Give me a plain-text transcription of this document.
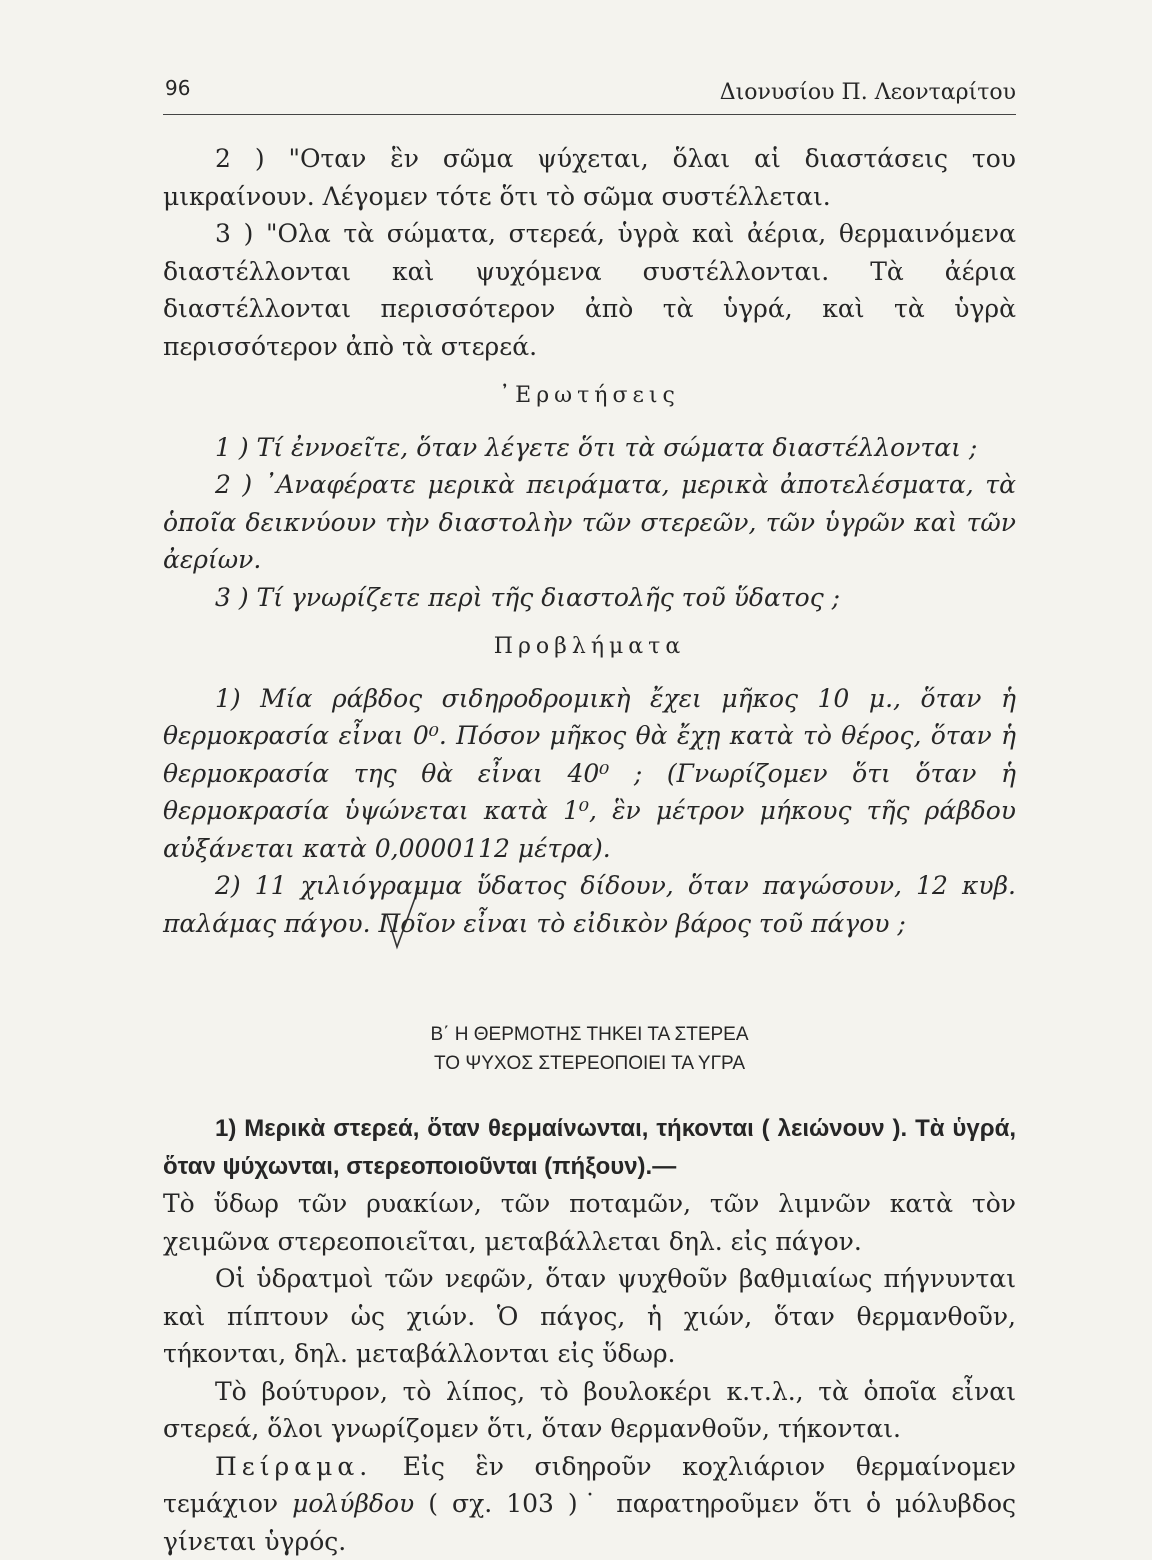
96	Διονυσίου Π. Λεονταρίτου

2 ) "Οταν ἓν σῶμα ψύχεται, ὅλαι αἱ διαστάσεις του μικραίνουν. Λέγομεν τότε ὅτι τὸ σῶμα συστέλλεται.

3 ) "Ολα τὰ σώματα, στερεά, ὑγρὰ καὶ ἀέρια, θερμαινόμενα διαστέλλονται καὶ ψυχόμενα συστέλλονται. Τὰ ἀέρια διαστέλλονται περισσότερον ἀπὸ τὰ ὑγρά, καὶ τὰ ὑγρὰ περισσότερον ἀπὸ τὰ στερεά.

᾿Ερωτήσεις

1 ) Τί ἐννοεῖτε, ὅταν λέγετε ὅτι τὰ σώματα διαστέλλονται ;

2 ) ᾿Αναφέρατε μερικὰ πειράματα, μερικὰ ἀποτελέσματα, τὰ ὁποῖα δεικνύουν τὴν διαστολὴν τῶν στερεῶν, τῶν ὑγρῶν καὶ τῶν ἀερίων.

3 ) Τί γνωρίζετε περὶ τῆς διαστολῆς τοῦ ὕδατος ;

Προβλήματα

1) Μία ράβδος σιδηροδρομικὴ ἔχει μῆκος 10 μ., ὅταν ἡ θερμοκρασία εἶναι 0⁰. Πόσον μῆκος θὰ ἔχῃ κατὰ τὸ θέρος, ὅταν ἡ θερμοκρασία της θὰ εἶναι 40⁰ ; (Γνωρίζομεν ὅτι ὅταν ἡ θερμοκρασία ὑψώνεται κατὰ 1⁰, ἓν μέτρον μήκους τῆς ράβδου αὐξάνεται κατὰ 0,0000112 μέτρα).

2) 11 χιλιόγραμμα ὕδατος δίδουν, ὅταν παγώσουν, 12 κυβ. παλάμας πάγου. Ποῖον εἶναι τὸ εἰδικὸν βάρος τοῦ πάγου ;

Β΄ Η ΘΕΡΜΟΤΗΣ ΤΗΚΕΙ ΤΑ ΣΤΕΡΕΑ
ΤΟ ΨΥΧΟΣ ΣΤΕΡΕΟΠΟΙΕΙ ΤΑ ΥΓΡΑ

1) Μερικὰ στερεά, ὅταν θερμαίνωνται, τήκονται ( λειώνουν ). Τὰ ὑγρά, ὅταν ψύχωνται, στερεοποιοῦνται (πήξουν).—

Τὸ ὕδωρ τῶν ρυακίων, τῶν ποταμῶν, τῶν λιμνῶν κατὰ τὸν χειμῶνα στερεοποιεῖται, μεταβάλλεται δηλ. εἰς πάγον.

Οἱ ὑδρατμοὶ τῶν νεφῶν, ὅταν ψυχθοῦν βαθμιαίως πήγνυνται καὶ πίπτουν ὡς χιών. Ὁ πάγος, ἡ χιών, ὅταν θερμανθοῦν, τήκονται, δηλ. μεταβάλλονται εἰς ὕδωρ.

Τὸ βούτυρον, τὸ λίπος, τὸ βουλοκέρι κ.τ.λ., τὰ ὁποῖα εἶναι στερεά, ὅλοι γνωρίζομεν ὅτι, ὅταν θερμανθοῦν, τήκονται.

Πείραμα. Εἰς ἓν σιδηροῦν κοχλιάριον θερμαίνομεν τεμάχιον μολύβδου ( σχ. 103 )˙ παρατηροῦμεν ὅτι ὁ μόλυβδος γίνεται ὑγρός.
